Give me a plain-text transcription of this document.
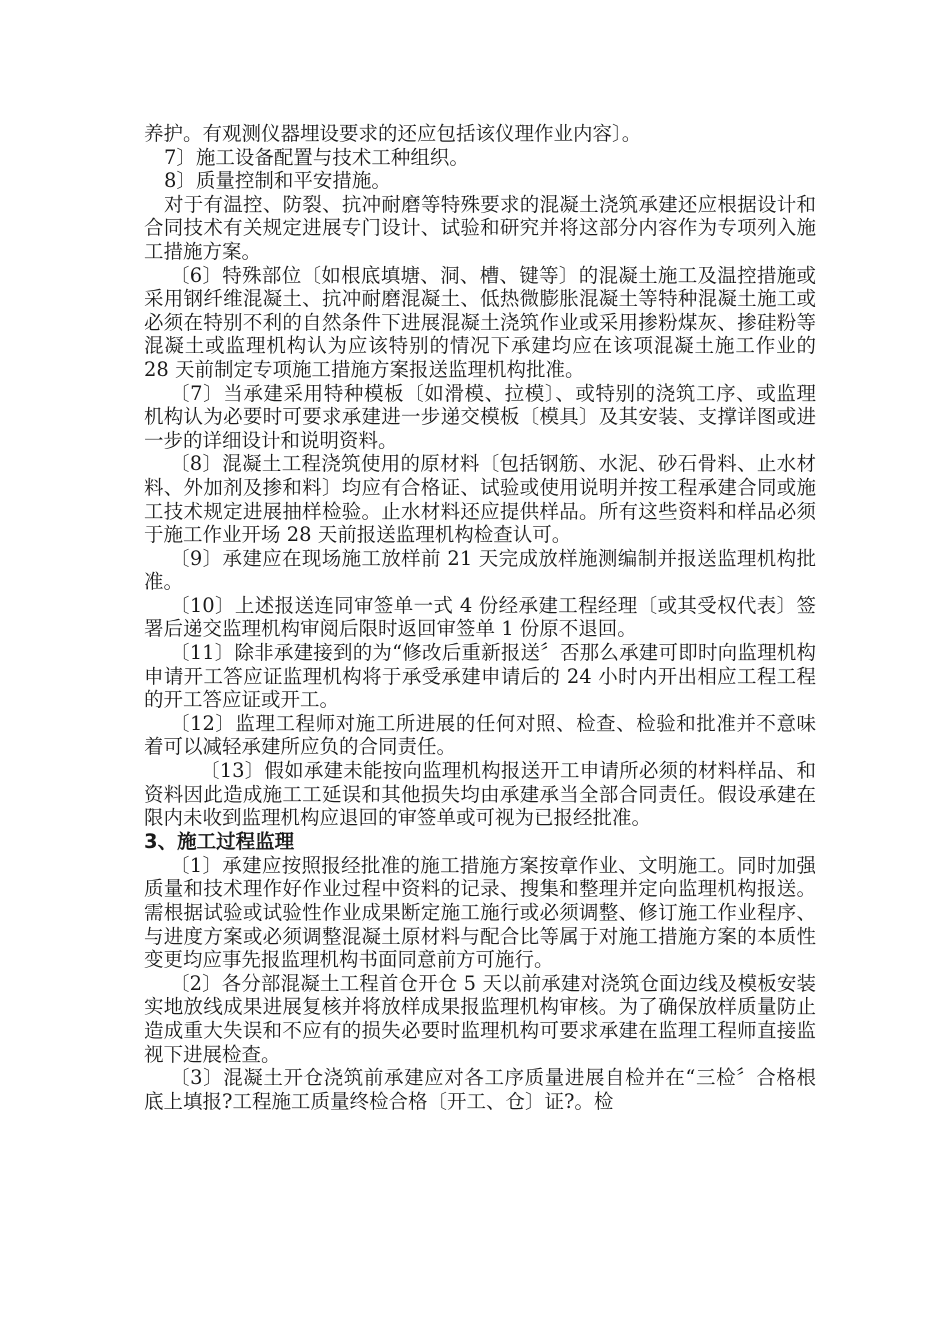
养护。有观测仪器埋设要求的还应包括该仪理作业内容〕。

7〕施工设备配置与技术工种组织。

8〕质量控制和平安措施。

对于有温控、防裂、抗冲耐磨等特殊要求的混凝土浇筑承建还应根据设计和合同技术有关规定进展专门设计、试验和研究并将这部分内容作为专项列入施工措施方案。

〔6〕特殊部位〔如根底填塘、洞、槽、键等〕的混凝土施工及温控措施或采用钢纤维混凝土、抗冲耐磨混凝土、低热微膨胀混凝土等特种混凝土施工或必须在特别不利的自然条件下进展混凝土浇筑作业或采用掺粉煤灰、掺硅粉等混凝土或监理机构认为应该特别的情况下承建均应在该项混凝土施工作业的 28 天前制定专项施工措施方案报送监理机构批准。

〔7〕当承建采用特种模板〔如滑模、拉模〕、或特别的浇筑工序、或监理机构认为必要时可要求承建进一步递交模板〔模具〕及其安装、支撑详图或进一步的详细设计和说明资料。

〔8〕混凝土工程浇筑使用的原材料〔包括钢筋、水泥、砂石骨料、止水材料、外加剂及掺和料〕均应有合格证、试验或使用说明并按工程承建合同或施工技术规定进展抽样检验。止水材料还应提供样品。所有这些资料和样品必须于施工作业开场 28 天前报送监理机构检查认可。

〔9〕承建应在现场施工放样前 21 天完成放样施测编制并报送监理机构批准。

〔10〕上述报送连同审签单一式 4 份经承建工程经理〔或其受权代表〕签署后递交监理机构审阅后限时返回审签单 1 份原不退回。

〔11〕除非承建接到的为“修改后重新报送〞否那么承建可即时向监理机构申请开工答应证监理机构将于承受承建申请后的 24 小时内开出相应工程工程的开工答应证或开工。

〔12〕监理工程师对施工所进展的任何对照、检查、检验和批准并不意味着可以减轻承建所应负的合同责任。

〔13〕假如承建未能按向监理机构报送开工申请所必须的材料样品、和资料因此造成施工工延误和其他损失均由承建承当全部合同责任。假设承建在限内未收到监理机构应退回的审签单或可视为已报经批准。

3、施工过程监理

〔1〕承建应按照报经批准的施工措施方案按章作业、文明施工。同时加强质量和技术理作好作业过程中资料的记录、搜集和整理并定向监理机构报送。需根据试验或试验性作业成果断定施工施行或必须调整、修订施工作业程序、与进度方案或必须调整混凝土原材料与配合比等属于对施工措施方案的本质性变更均应事先报监理机构书面同意前方可施行。

〔2〕各分部混凝土工程首仓开仓 5 天以前承建对浇筑仓面边线及模板安装实地放线成果进展复核并将放样成果报监理机构审核。为了确保放样质量防止造成重大失误和不应有的损失必要时监理机构可要求承建在监理工程师直接监视下进展检查。

〔3〕混凝土开仓浇筑前承建应对各工序质量进展自检并在“三检〞合格根底上填报?工程施工质量终检合格〔开工、仓〕证?。检
